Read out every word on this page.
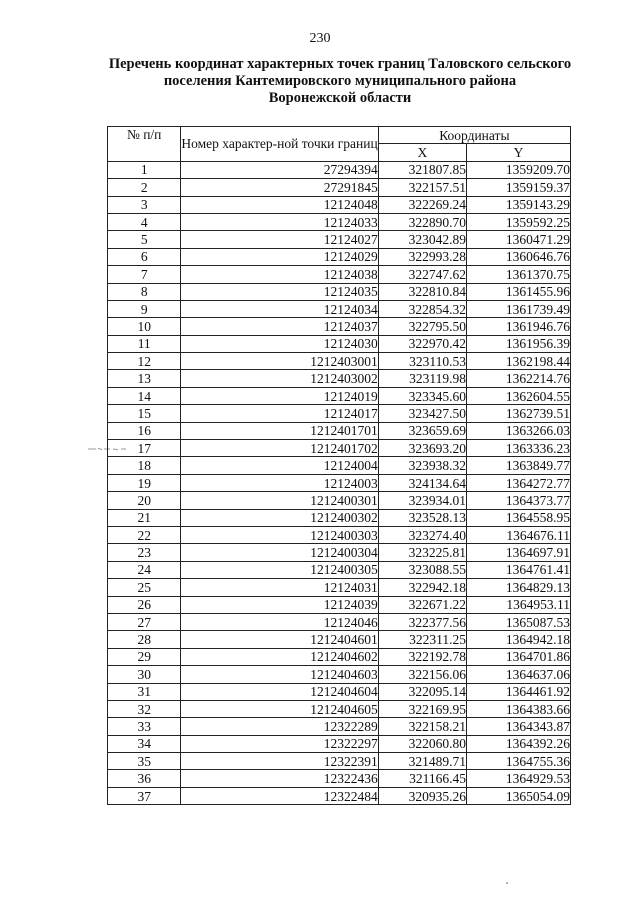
230
Перечень координат характерных точек границ Таловского сельского
поселения Кантемировского муниципального района
Воронежской области
№ п/п	Номер характер-ной точки границ	Координаты	
		X	Y
1	27294394	321807.85	1359209.70
2	27291845	322157.51	1359159.37
3	12124048	322269.24	1359143.29
4	12124033	322890.70	1359592.25
5	12124027	323042.89	1360471.29
6	12124029	322993.28	1360646.76
7	12124038	322747.62	1361370.75
8	12124035	322810.84	1361455.96
9	12124034	322854.32	1361739.49
10	12124037	322795.50	1361946.76
11	12124030	322970.42	1361956.39
12	1212403001	323110.53	1362198.44
13	1212403002	323119.98	1362214.76
14	12124019	323345.60	1362604.55
15	12124017	323427.50	1362739.51
16	1212401701	323659.69	1363266.03
17	1212401702	323693.20	1363336.23
18	12124004	323938.32	1363849.77
19	12124003	324134.64	1364272.77
20	1212400301	323934.01	1364373.77
21	1212400302	323528.13	1364558.95
22	1212400303	323274.40	1364676.11
23	1212400304	323225.81	1364697.91
24	1212400305	323088.55	1364761.41
25	12124031	322942.18	1364829.13
26	12124039	322671.22	1364953.11
27	12124046	322377.56	1365087.53
28	1212404601	322311.25	1364942.18
29	1212404602	322192.78	1364701.86
30	1212404603	322156.06	1364637.06
31	1212404604	322095.14	1364461.92
32	1212404605	322169.95	1364383.66
33	12322289	322158.21	1364343.87
34	12322297	322060.80	1364392.26
35	12322391	321489.71	1364755.36
36	12322436	321166.45	1364929.53
37	12322484	320935.26	1365054.09
